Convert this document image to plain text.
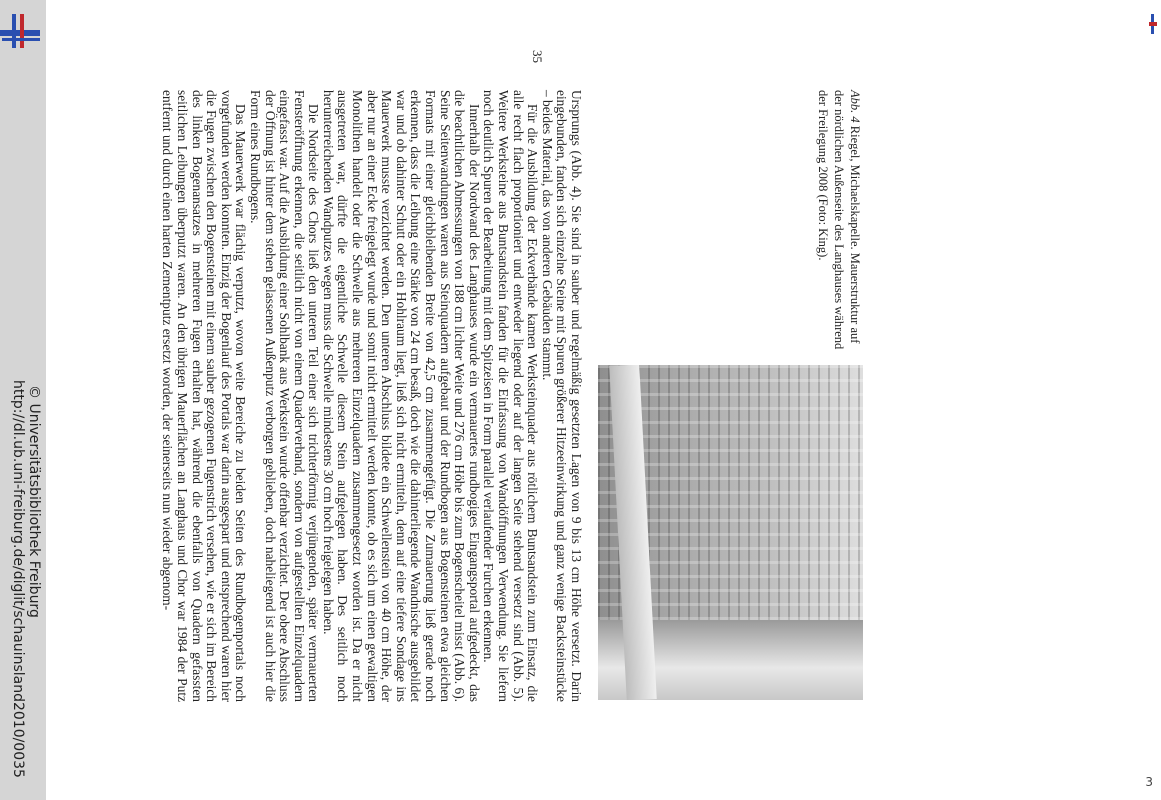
http://dl.ub.uni-freiburg.de/diglit/schauinsland2010/0035 © Universitätsbibliothek Freiburg
3
35
Abb. 4 Riegel, Michaelskapelle. Mauerstruktur auf der nördlichen Außenseite des Langhauses während der Freilegung 2008 (Foto: King).

Ursprungs (Abb. 4). Sie sind in sauber und regelmäßig gesetzten Lagen von 9 bis 13 cm Höhe versetzt. Darin eingebunden, fanden sich einzelne Steine mit Spuren größerer Hitzeeinwirkung und ganz wenige Backsteinstücke – beides Material, das von anderen Gebäuden stammt.

Für die Ausbildung der Eckverbände kamen Werksteinquader aus rötlichem Buntsandstein zum Einsatz, die alle recht flach proportioniert und entweder liegend oder auf der langen Seite stehend versetzt sind (Abb. 5). Weitere Werksteine aus Buntsandstein fanden für die Einfassung von Wandöffnungen Verwendung. Sie liefern noch deutlich Spuren der Bearbeitung mit dem Spitzeisen in Form parallel verlaufender Furchen erkennen.

Innerhalb der Nordwand des Langhauses wurde ein vermauertes rundbogiges Eingangsportal aufgedeckt, das die beachtlichen Abmessungen von 188 cm lichter Weite und 276 cm Höhe bis zum Bogenscheitel misst (Abb. 6). Seine Seitenwandungen waren aus Steinquadern aufgebaut und der Rundbogen aus Bogensteinen etwa gleichen Formats mit einer gleichbleibenden Breite von 42,5 cm zusammengefügt. Die Zumauerung ließ gerade noch erkennen, dass die Leibung eine Stärke von 24 cm besaß, doch wie die dahinterliegende Wandnische ausgebildet war und ob dahinter Schutt oder ein Hohlraum liegt, ließ sich nicht ermitteln, denn auf eine tiefere Sondage ins Mauerwerk musste verzichtet werden. Den unteren Abschluss bildete ein Schwellenstein von 40 cm Höhe, der aber nur an einer Ecke freigelegt wurde und somit nicht ermittelt werden konnte, ob es sich um einen gewaltigen Monolithen handelt oder die Schwelle aus mehreren Einzelquadern zusammengesetzt worden ist. Da er nicht ausgetreten war, dürfte die eigentliche Schwelle diesem Stein aufgelegen haben. Des seitlich noch herunterreichenden Wandputzes wegen muss die Schwelle mindestens 30 cm hoch freigelegen haben.

Die Nordseite des Chors ließ den unteren Teil einer sich trichterförmig verjüngenden, später vermauerten Fensteröffnung erkennen, die seitlich nicht von einem Quaderverband, sondern von aufgestellten Einzelquadern eingefasst war. Auf die Ausbildung einer Sohlbank aus Werkstein wurde offenbar verzichtet. Der obere Abschluss der Öffnung ist hinter dem stehen gelassenen Außenputz verborgen geblieben, doch naheliegend ist auch hier die Form eines Rundbogens.

Das Mauerwerk war flächig verputzt, wovon weite Bereiche zu beiden Seiten des Rundbogenportals noch vorgefunden werden konnten. Einzig der Bogenlauf des Portals war darin ausgespart und entsprechend waren hier die Fugen zwischen den Bogensteinen mit einem sauber gezogenen Fugenstrich versehen, wie er sich im Bereich des linken Bogenansatzes in mehreren Fugen erhalten hat, während die ebenfalls von Quadern gefassten seitlichen Leibungen überputzt waren. An den übrigen Mauerflächen an Langhaus und Chor war 1984 der Putz entfernt und durch einen harten Zementputz ersetzt worden, der seinerseits nun wieder abgenom-
